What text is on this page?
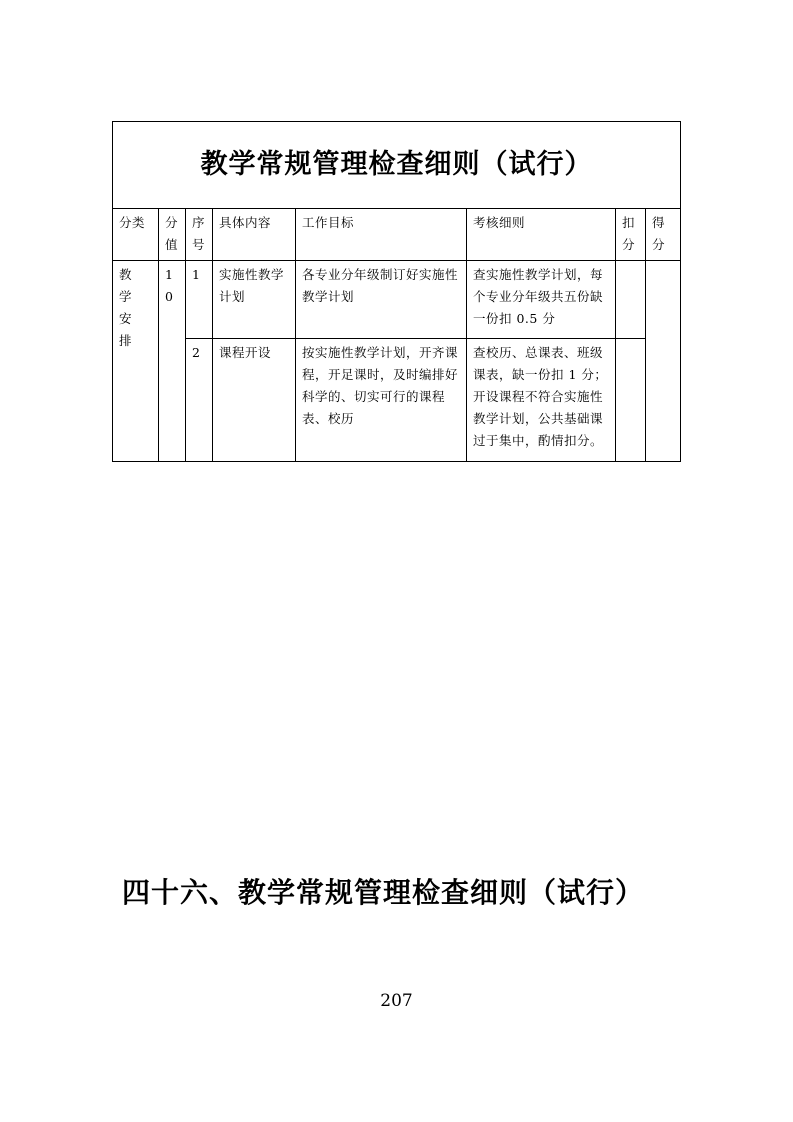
教学常规管理检查细则（试行）							
分类	分值	序号	具体内容	工作目标	考核细则	扣分	得分
教学安排	10	1	实施性教学计划	各专业分年级制订好实施性教学计划	查实施性教学计划，每个专业分年级共五份缺一份扣 0.5 分		
		2	课程开设	按实施性教学计划，开齐课程，开足课时，及时编排好科学的、切实可行的课程表、校历	查校历、总课表、班级课表，缺一份扣 1 分；开设课程不符合实施性教学计划，公共基础课过于集中，酌情扣分。		
四十六、教学常规管理检查细则（试行）
207
